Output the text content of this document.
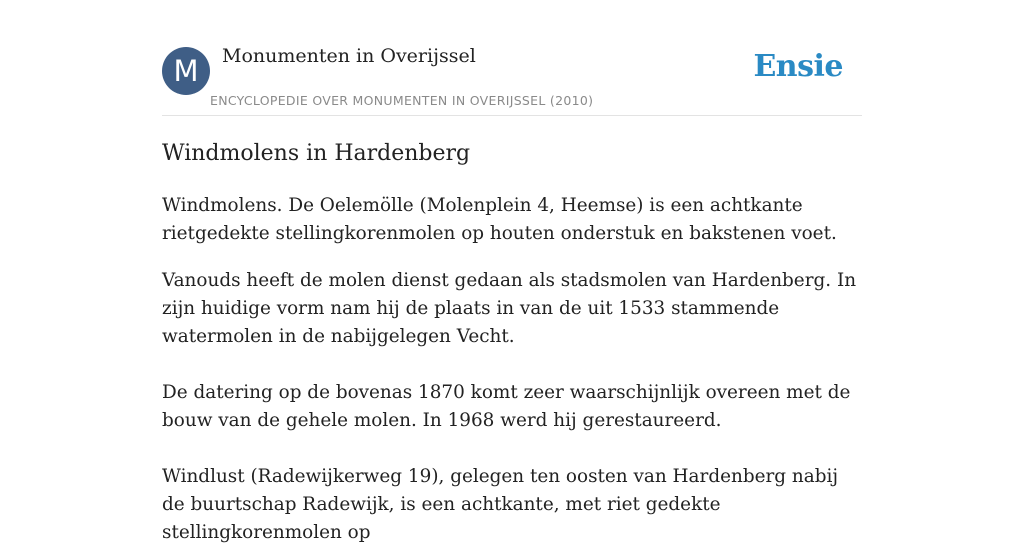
M	Monumenten in Overijssel
ENCYCLOPEDIE OVER MONUMENTEN IN OVERIJSSEL (2010)
Ensie
Windmolens in Hardenberg

Windmolens. De Oelemölle (Molenplein 4, Heemse) is een achtkante rietgedekte stellingkorenmolen op houten onderstuk en bakstenen voet.

Vanouds heeft de molen dienst gedaan als stadsmolen van Hardenberg. In zijn huidige vorm nam hij de plaats in van de uit 1533 stammende watermolen in de nabijgelegen Vecht.

De datering op de bovenas 1870 komt zeer waarschijnlijk overeen met de bouw van de gehele molen. In 1968 werd hij gerestaureerd.

Windlust (Radewijkerweg 19), gelegen ten oosten van Hardenberg nabij de buurtschap Radewijk, is een achtkante, met riet gedekte stellingkorenmolen op
